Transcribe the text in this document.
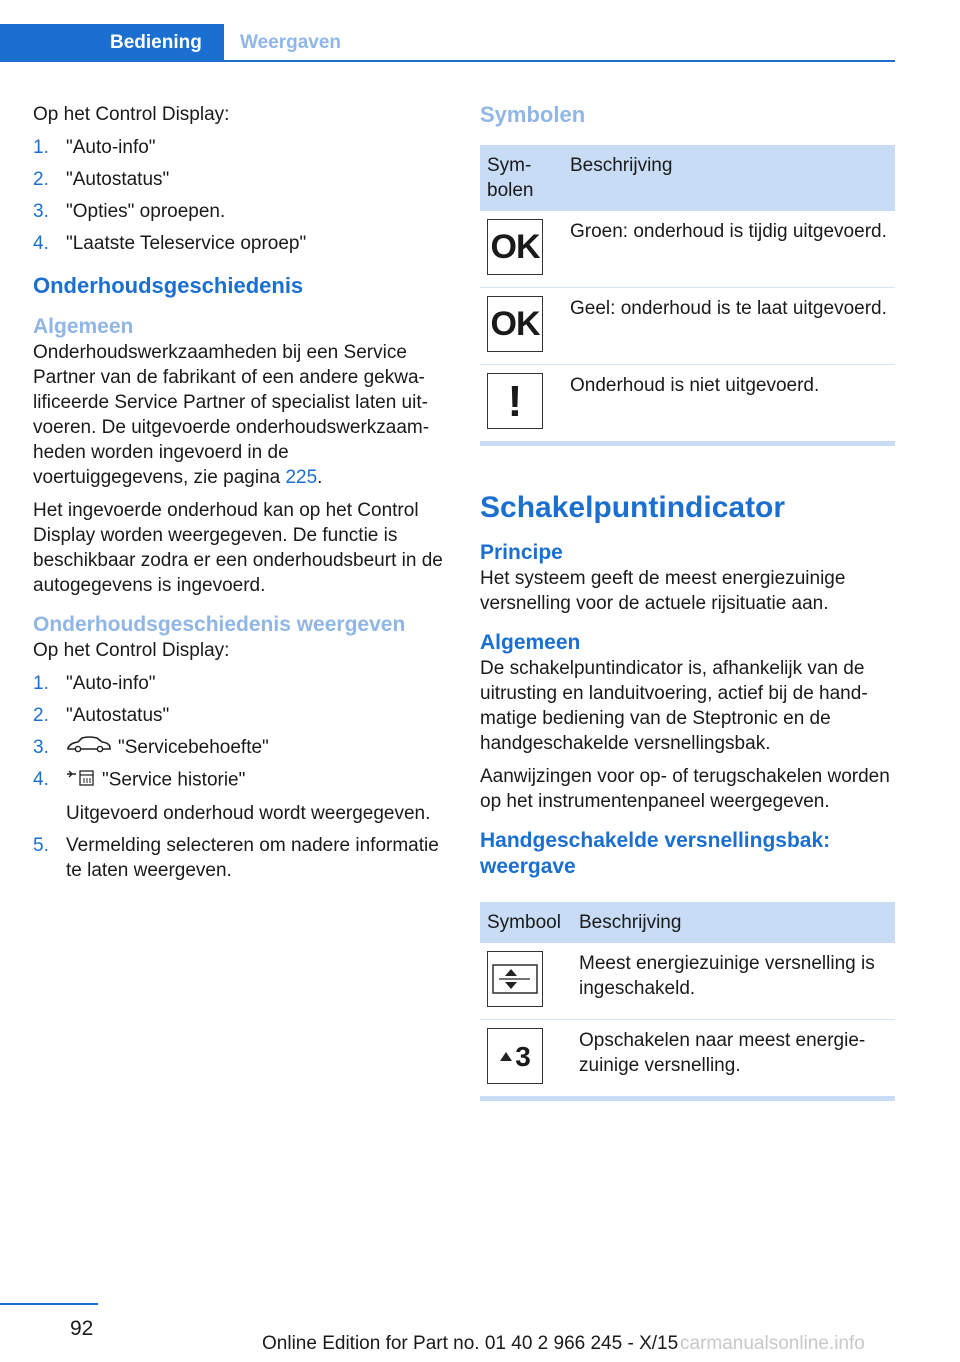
Bediening	Weergaven

Op het Control Display:

1. "Auto-info"
2. "Autostatus"
3. "Opties" oproepen.
4. "Laatste Teleservice oproep"
Onderhoudsgeschiedenis
Algemeen

Onderhoudswerkzaamheden bij een Service Partner van de fabrikant of een andere gekwalificeerde Service Partner of specialist laten uitvoeren. De uitgevoerde onderhoudswerkzaamheden worden ingevoerd in de voertuiggegevens, zie pagina 225.

Het ingevoerde onderhoud kan op het Control Display worden weergegeven. De functie is beschikbaar zodra er een onderhoudsbeurt in de autogegevens is ingevoerd.

Onderhoudsgeschiedenis weergeven

Op het Control Display:

1. "Auto-info"
2. "Autostatus"
3.	"Servicebehoefte"
4.	"Service historie"
Uitgevoerd onderhoud wordt weergegeven.
5. Vermelding selecteren om nadere informatie te laten weergeven.
Symbolen
Symbolen	Beschrijving

OK	Groen: onderhoud is tijdig uitgevoerd.

OK	Geel: onderhoud is te laat uitgevoerd.

!	Onderhoud is niet uitgevoerd.
Schakelpuntindicator
Principe

Het systeem geeft de meest energiezuinige versnelling voor de actuele rijsituatie aan.

Algemeen

De schakelpuntindicator is, afhankelijk van de uitrusting en landuitvoering, actief bij de handmatige bediening van de Steptronic en de handgeschakelde versnellingsbak.

Aanwijzingen voor op- of terugschakelen worden op het instrumentenpaneel weergegeven.

Handgeschakelde versnellingsbak: weergave
Symbool	Beschrijving

	Meest energiezuinige versnelling is ingeschakeld.

3	Opschakelen naar meest energiezuinige versnelling.
92
Online Edition for Part no. 01 40 2 966 245 - X/15 carmanualsonline.info
